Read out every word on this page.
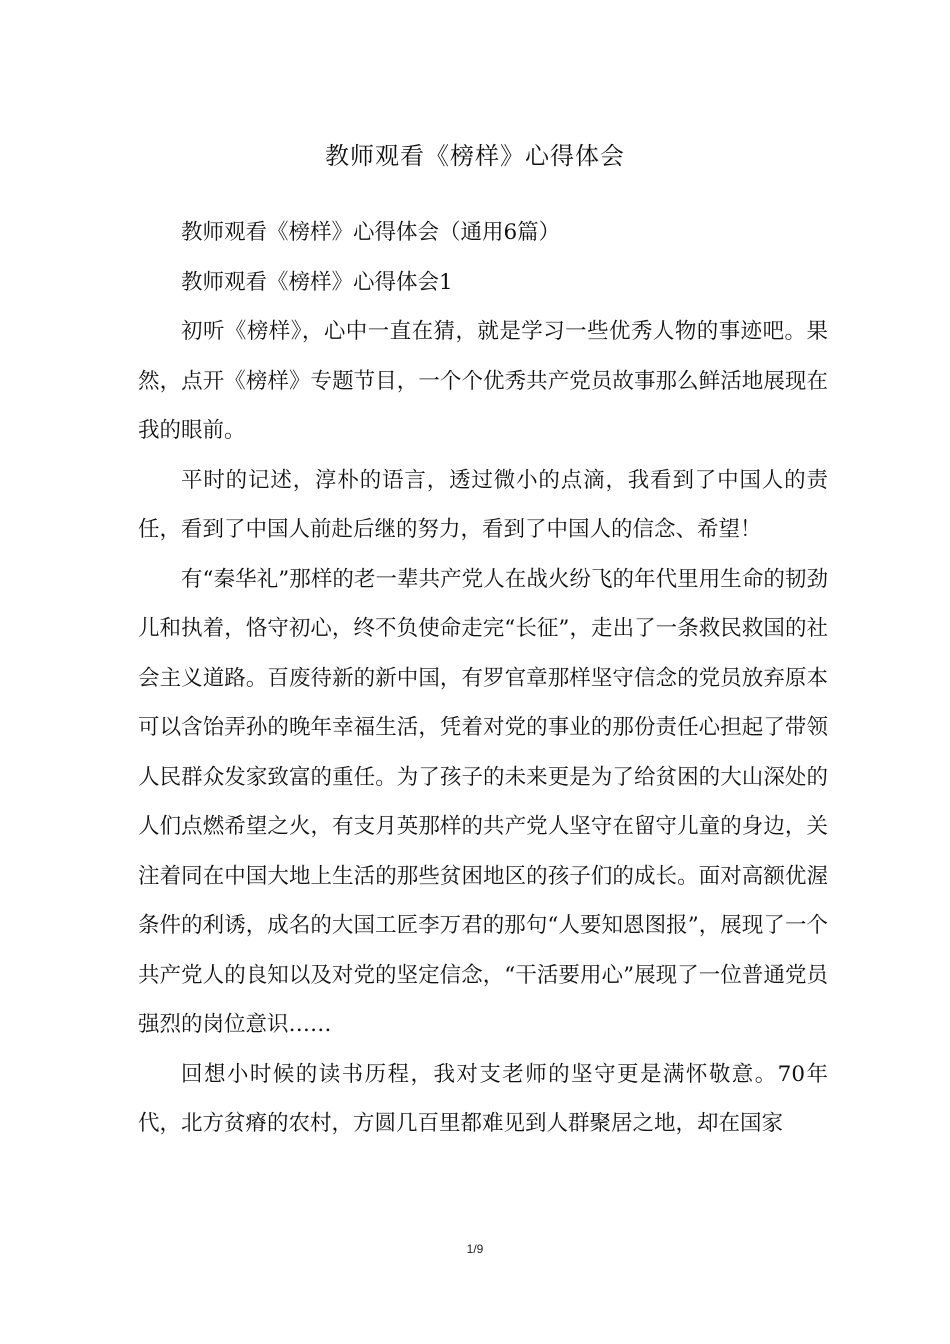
教师观看《榜样》心得体会

教师观看《榜样》心得体会（通用6篇）

教师观看《榜样》心得体会1

初听《榜样》，心中一直在猜，就是学习一些优秀人物的事迹吧。果然，点开《榜样》专题节目，一个个优秀共产党员故事那么鲜活地展现在我的眼前。

平时的记述，淳朴的语言，透过微小的点滴，我看到了中国人的责任，看到了中国人前赴后继的努力，看到了中国人的信念、希望！

有“秦华礼”那样的老一辈共产党人在战火纷飞的年代里用生命的韧劲儿和执着，恪守初心，终不负使命走完“长征”，走出了一条救民救国的社会主义道路。百废待新的新中国，有罗官章那样坚守信念的党员放弃原本可以含饴弄孙的晚年幸福生活，凭着对党的事业的那份责任心担起了带领人民群众发家致富的重任。为了孩子的未来更是为了给贫困的大山深处的人们点燃希望之火，有支月英那样的共产党人坚守在留守儿童的身边，关注着同在中国大地上生活的那些贫困地区的孩子们的成长。面对高额优渥条件的利诱，成名的大国工匠李万君的那句“人要知恩图报”，展现了一个共产党人的良知以及对党的坚定信念，“干活要用心”展现了一位普通党员强烈的岗位意识……

回想小时候的读书历程，我对支老师的坚守更是满怀敬意。70年代，北方贫瘠的农村，方圆几百里都难见到人群聚居之地，却在国家

1/9
